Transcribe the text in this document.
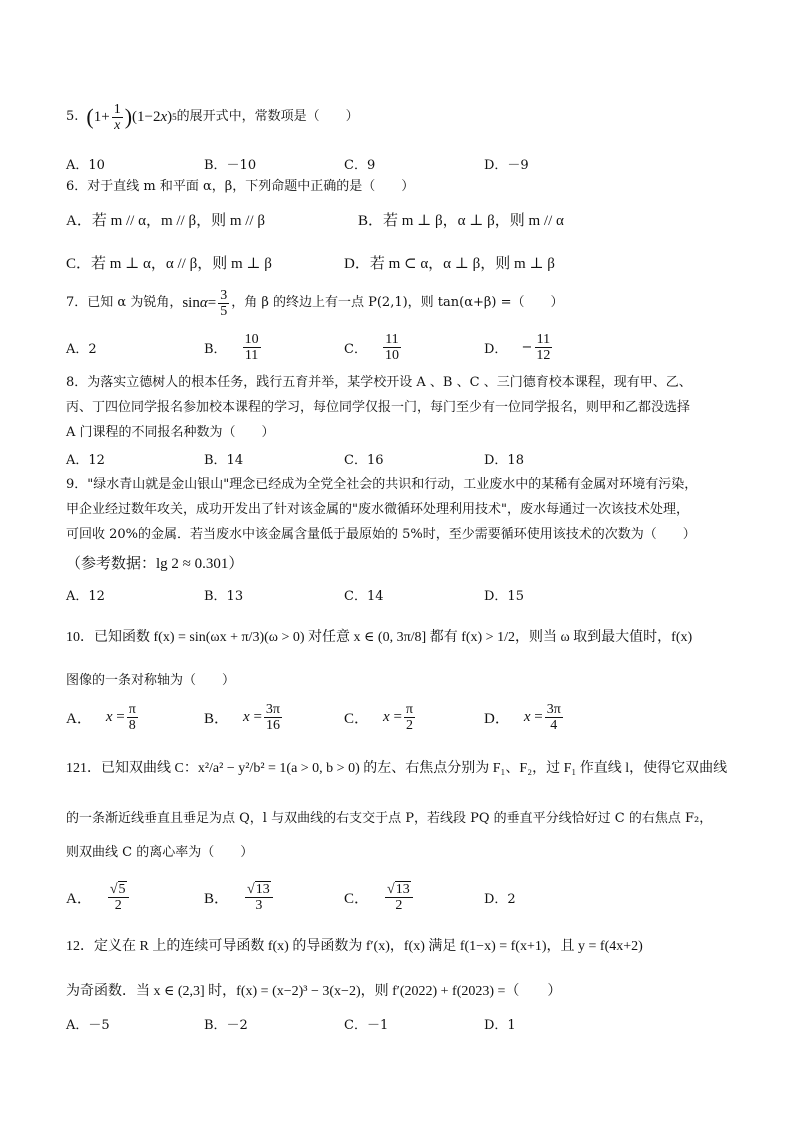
5. ( $1+ \frac{1}{x}$ ) (1−2 x ) 5 的展开式中，常数项是（　　）
A．10	B．－10	C．9	D．－9
6．对于直线 m 和平面 α，β，下列命题中正确的是（　　）
A．若 m // α，m // β，则 m // β	B．若 m ⊥ β，α ⊥ β，则 m // α
C．若 m ⊥ α，α // β，则 m ⊥ β	D．若 m ⊂ α，α ⊥ β，则 m ⊥ β
7．已知 α 为锐角， $\sin \alpha = \frac{3}{5}$ ，角 β 的终边上有一点 P(2,1)，则 tan(α+β) =（　　）
A．2	B． $\frac{10}{11}$	C． $\frac{11}{10}$	D． − $\frac{11}{12}$
8．为落实立德树人的根本任务，践行五育并举，某学校开设 A 、B 、C 、三门德育校本课程，现有甲、乙、
丙、丁四位同学报名参加校本课程的学习，每位同学仅报一门，每门至少有一位同学报名，则甲和乙都没选择
A 门课程的不同报名种数为（　　）
A．12	B．14	C．16	D．18
9．"绿水青山就是金山银山"理念已经成为全党全社会的共识和行动，工业废水中的某稀有金属对环境有污染，
甲企业经过数年攻关，成功开发出了针对该金属的"废水微循环处理利用技术"，废水每通过一次该技术处理，
可回收 20%的金属．若当废水中该金属含量低于最原始的 5%时，至少需要循环使用该技术的次数为（　　）
（参考数据：lg 2 ≈ 0.301）
A．12	B．13	C．14	D．15
10．已知函数 f(x) = sin(ωx + π/3)(ω > 0) 对任意 x ∈ (0, 3π/8] 都有 f(x) > 1/2，则当 ω 取到最大值时，f(x)
图像的一条对称轴为（　　）
A． $x = \frac{\pi}{8}$	B． $x = \frac{3\pi}{16}$	C． $x = \frac{\pi}{2}$	D． $x = \frac{3\pi}{4}$
121．已知双曲线 C：x²/a² − y²/b² = 1(a > 0, b > 0) 的左、右焦点分别为 F₁、F₂，过 F₁ 作直线 l，使得它双曲线
的一条渐近线垂直且垂足为点 Q，l 与双曲线的右支交于点 P，若线段 PQ 的垂直平分线恰好过 C 的右焦点 F₂，
则双曲线 C 的离心率为（　　）
A． $\frac{√5}{2}$	B． $\frac{√13}{3}$	C． $\frac{√13}{2}$	D．2
12．定义在 R 上的连续可导函数 f(x) 的导函数为 f′(x)，f(x) 满足 f(1−x) = f(x+1)，且 y = f(4x+2)
为奇函数．当 x ∈ (2,3] 时，f(x) = (x−2)³ − 3(x−2)，则 f′(2022) + f(2023) =（　　）
A．－5	B．－2	C．－1	D．1
